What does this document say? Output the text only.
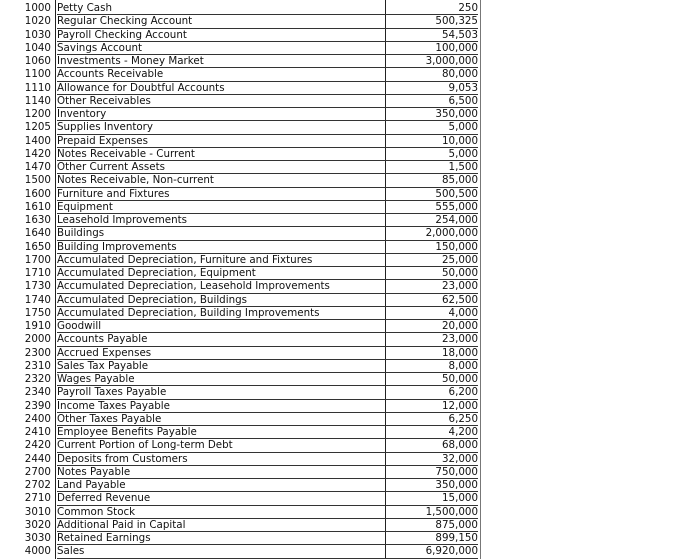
1000 Petty Cash	250
1020 Regular Checking Account	500,325
1030 Payroll Checking Account	54,503
1040 Savings Account	100,000
1060 Investments - Money Market	3,000,000
1100 Accounts Receivable	80,000
1110 Allowance for Doubtful Accounts	9,053
1140 Other Receivables	6,500
1200 Inventory	350,000
1205 Supplies Inventory	5,000
1400 Prepaid Expenses	10,000
1420 Notes Receivable - Current	5,000
1470 Other Current Assets	1,500
1500 Notes Receivable, Non-current	85,000
1600 Furniture and Fixtures	500,500
1610 Equipment	555,000
1630 Leasehold Improvements	254,000
1640 Buildings	2,000,000
1650 Building Improvements	150,000
1700 Accumulated Depreciation, Furniture and Fixtures	25,000
1710 Accumulated Depreciation, Equipment	50,000
1730 Accumulated Depreciation, Leasehold Improvements	23,000
1740 Accumulated Depreciation, Buildings	62,500
1750 Accumulated Depreciation, Building Improvements	4,000
1910 Goodwill	20,000
2000 Accounts Payable	23,000
2300 Accrued Expenses	18,000
2310 Sales Tax Payable	8,000
2320 Wages Payable	50,000
2340 Payroll Taxes Payable	6,200
2390 Income Taxes Payable	12,000
2400 Other Taxes Payable	6,250
2410 Employee Benefits Payable	4,200
2420 Current Portion of Long-term Debt	68,000
2440 Deposits from Customers	32,000
2700 Notes Payable	750,000
2702 Land Payable	350,000
2710 Deferred Revenue	15,000
3010 Common Stock	1,500,000
3020 Additional Paid in Capital	875,000
3030 Retained Earnings	899,150
4000 Sales	6,920,000
